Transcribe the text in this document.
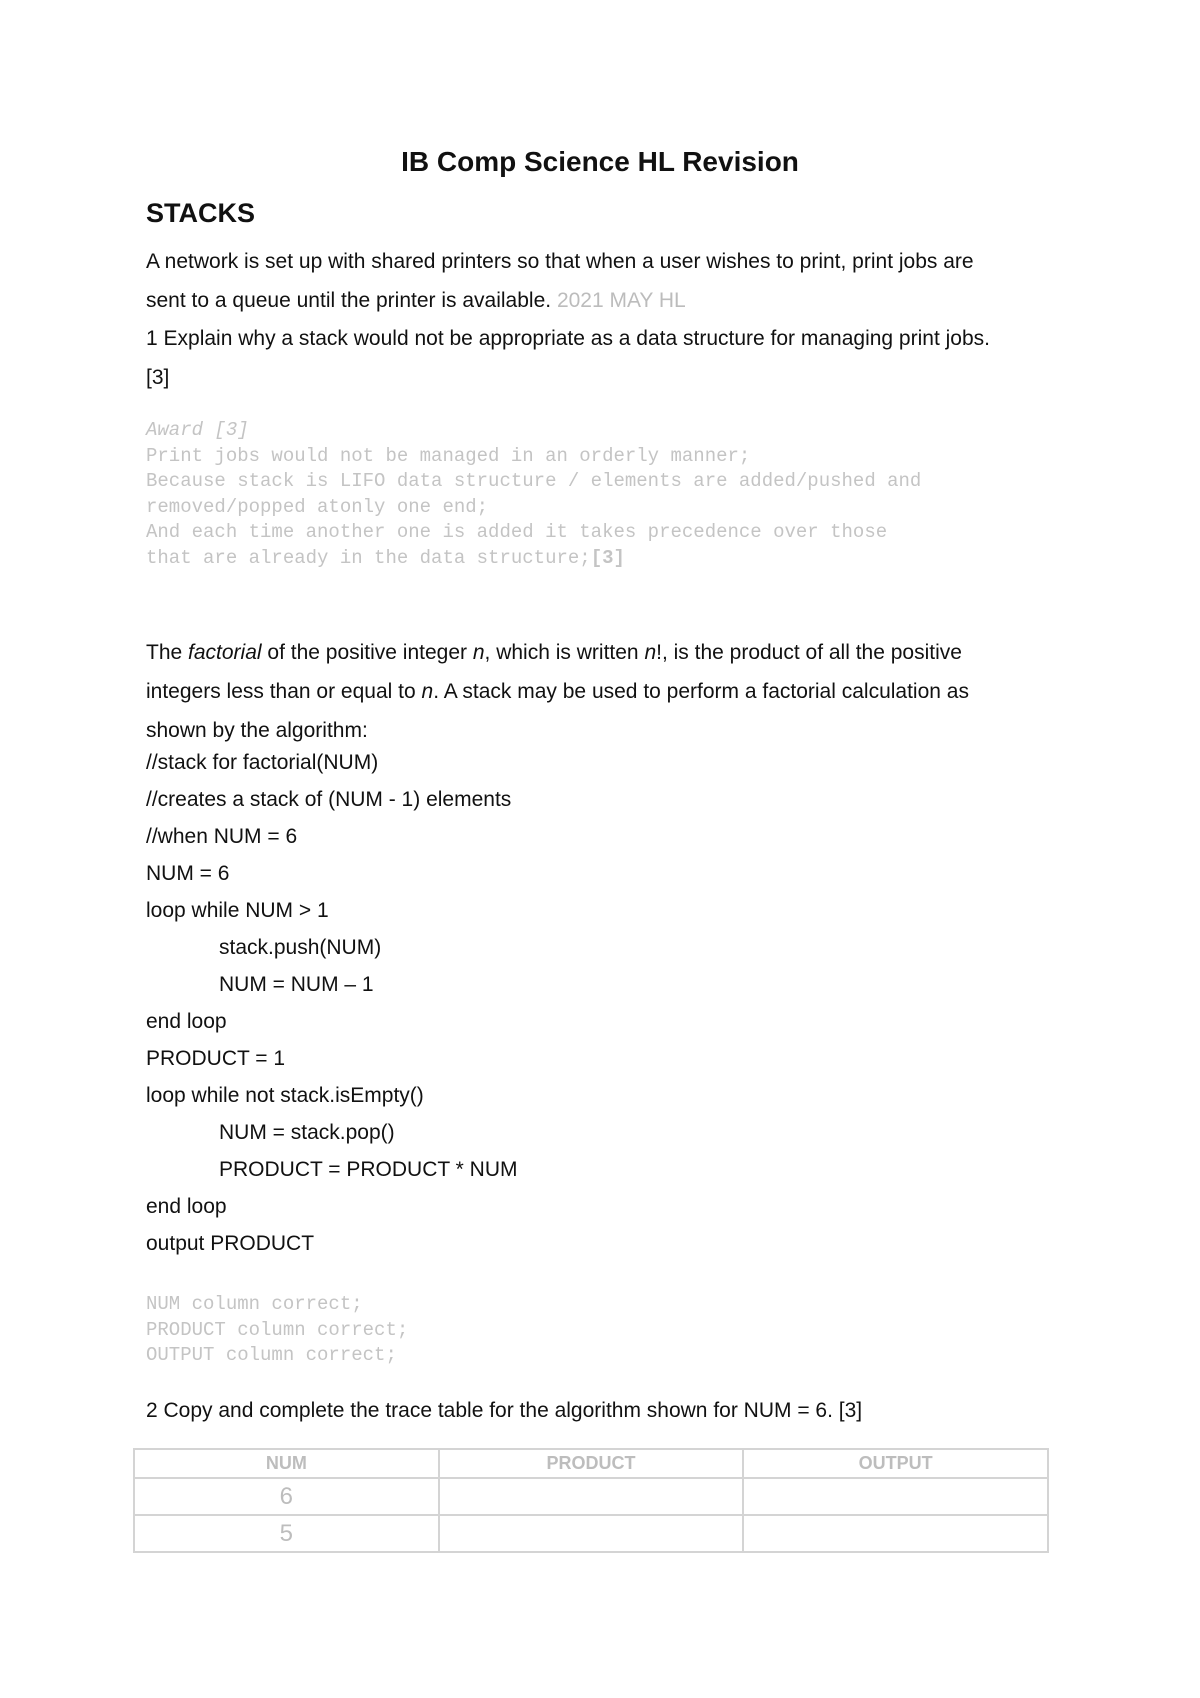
IB Comp Science HL Revision
STACKS

A network is set up with shared printers so that when a user wishes to print, print jobs are
sent to a queue until the printer is available. 2021 MAY HL

1 Explain why a stack would not be appropriate as a data structure for managing print jobs.
[3]

Award [3]
Print jobs would not be managed in an orderly manner;
Because stack is LIFO data structure / elements are added/pushed and
removed/popped atonly one end;
And each time another one is added it takes precedence over those
that are already in the data structure;[3]

The factorial of the positive integer n, which is written n!, is the product of all the positive
integers less than or equal to n. A stack may be used to perform a factorial calculation as
shown by the algorithm:

//stack for factorial(NUM)
//creates a stack of (NUM - 1) elements
//when NUM = 6
NUM = 6
loop while NUM > 1
stack.push(NUM)
NUM = NUM – 1
end loop
PRODUCT = 1
loop while not stack.isEmpty()
NUM = stack.pop()
PRODUCT = PRODUCT * NUM
end loop
output PRODUCT
NUM column correct;
PRODUCT column correct;
OUTPUT column correct;

2 Copy and complete the trace table for the algorithm shown for NUM = 6. [3]

NUM	PRODUCT	OUTPUT
6		
5		
